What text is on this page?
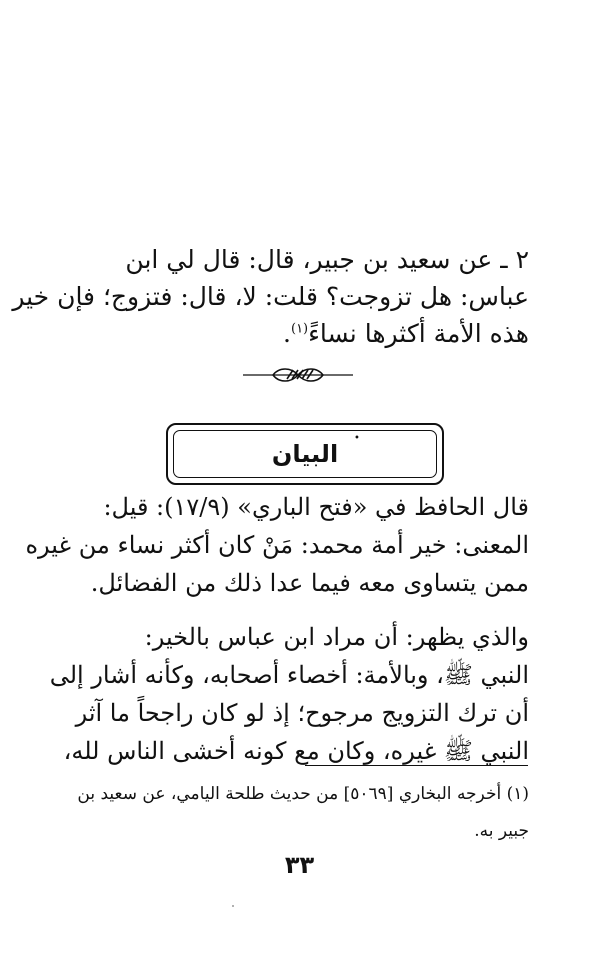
٢ ـ عن سعيد بن جبير، قال: قال لي ابن

عباس: هل تزوجت؟ قلت: لا، قال: فتزوج؛ فإن خير

هذه الأمة أكثرها نساءً$^{(١)}$.

البيان
•

قال الحافظ في «فتح الباري» (١٧/٩): قيل:

المعنى: خير أمة محمد: مَنْ كان أكثر نساء من غيره

ممن يتساوى معه فيما عدا ذلك من الفضائل.

والذي يظهر: أن مراد ابن عباس بالخير:

النبي ﷺ، وبالأمة: أخصاء أصحابه، وكأنه أشار إلى

أن ترك التزويج مرجوح؛ إذ لو كان راجحاً ما آثر

النبي ﷺ غيره، وكان مع كونه أخشى الناس لله،

(١) أخرجه البخاري [٥٠٦٩] من حديث طلحة اليامي، عن سعيد بن

جبير به.

٣٣
